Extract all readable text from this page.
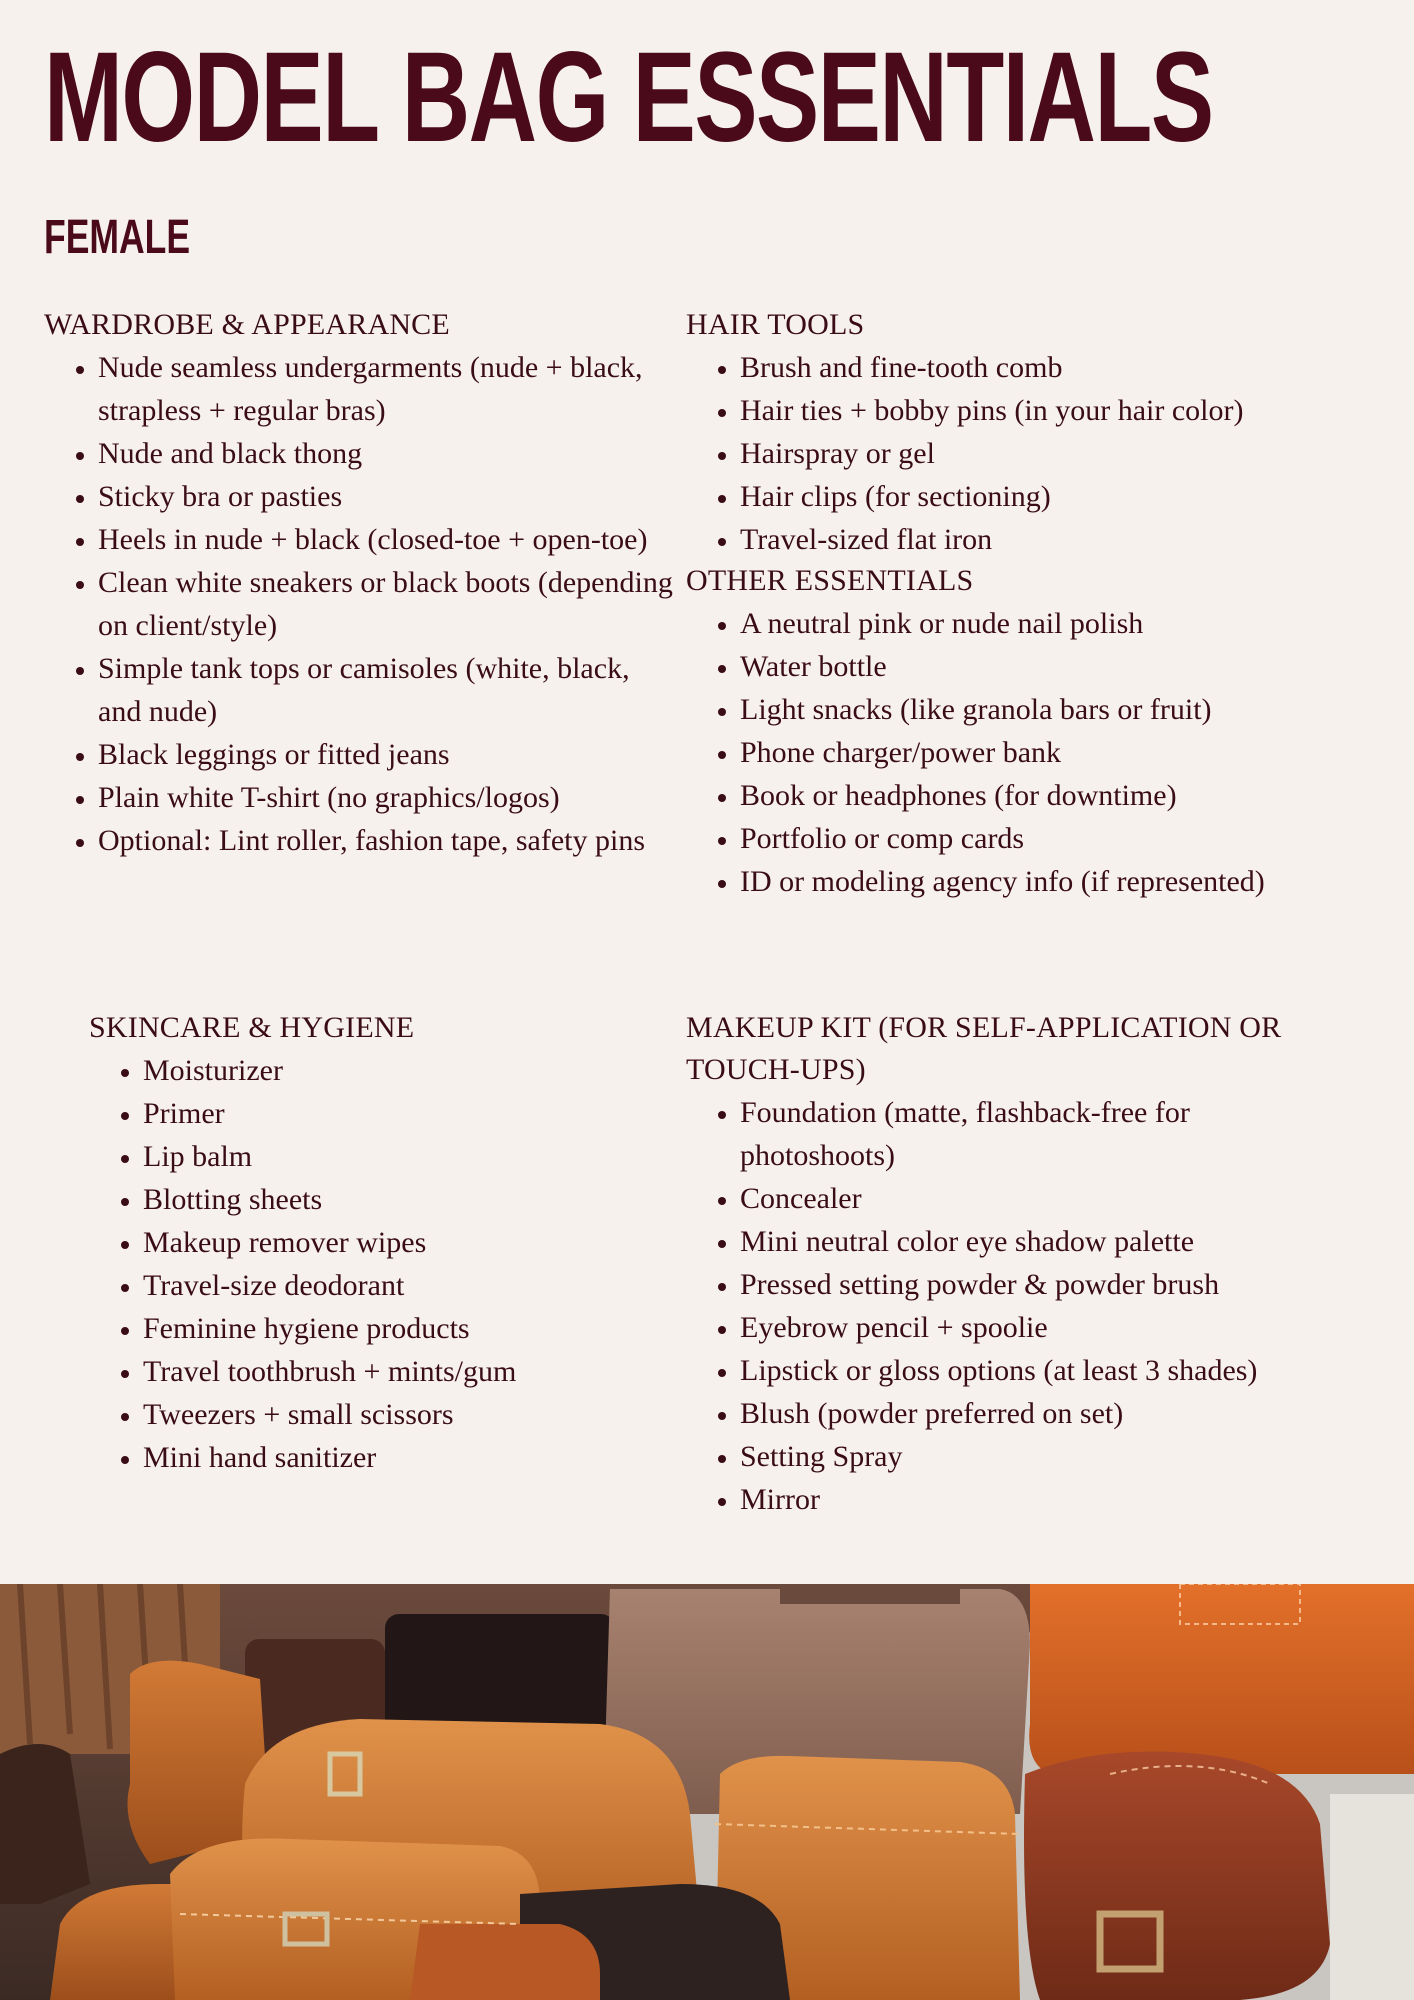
MODEL BAG ESSENTIALS
FEMALE
WARDROBE & APPEARANCE
• Nude seamless undergarments (nude + black, strapless + regular bras)
• Nude and black thong
• Sticky bra or pasties
• Heels in nude + black (closed-toe + open-toe)
• Clean white sneakers or black boots (depending on client/style)
• Simple tank tops or camisoles (white, black, and nude)
• Black leggings or fitted jeans
• Plain white T-shirt (no graphics/logos)
• Optional: Lint roller, fashion tape, safety pins
HAIR TOOLS
• Brush and fine-tooth comb
• Hair ties + bobby pins (in your hair color)
• Hairspray or gel
• Hair clips (for sectioning)
• Travel-sized flat iron
OTHER ESSENTIALS
• A neutral pink or nude nail polish
• Water bottle
• Light snacks (like granola bars or fruit)
• Phone charger/power bank
• Book or headphones (for downtime)
• Portfolio or comp cards
• ID or modeling agency info (if represented)
SKINCARE & HYGIENE
• Moisturizer
• Primer
• Lip balm
• Blotting sheets
• Makeup remover wipes
• Travel-size deodorant
• Feminine hygiene products
• Travel toothbrush + mints/gum
• Tweezers + small scissors
• Mini hand sanitizer
MAKEUP KIT (FOR SELF-APPLICATION OR TOUCH-UPS)
• Foundation (matte, flashback-free for photoshoots)
• Concealer
• Mini neutral color eye shadow palette
• Pressed setting powder & powder brush
• Eyebrow pencil + spoolie
• Lipstick or gloss options (at least 3 shades)
• Blush (powder preferred on set)
• Setting Spray
• Mirror
